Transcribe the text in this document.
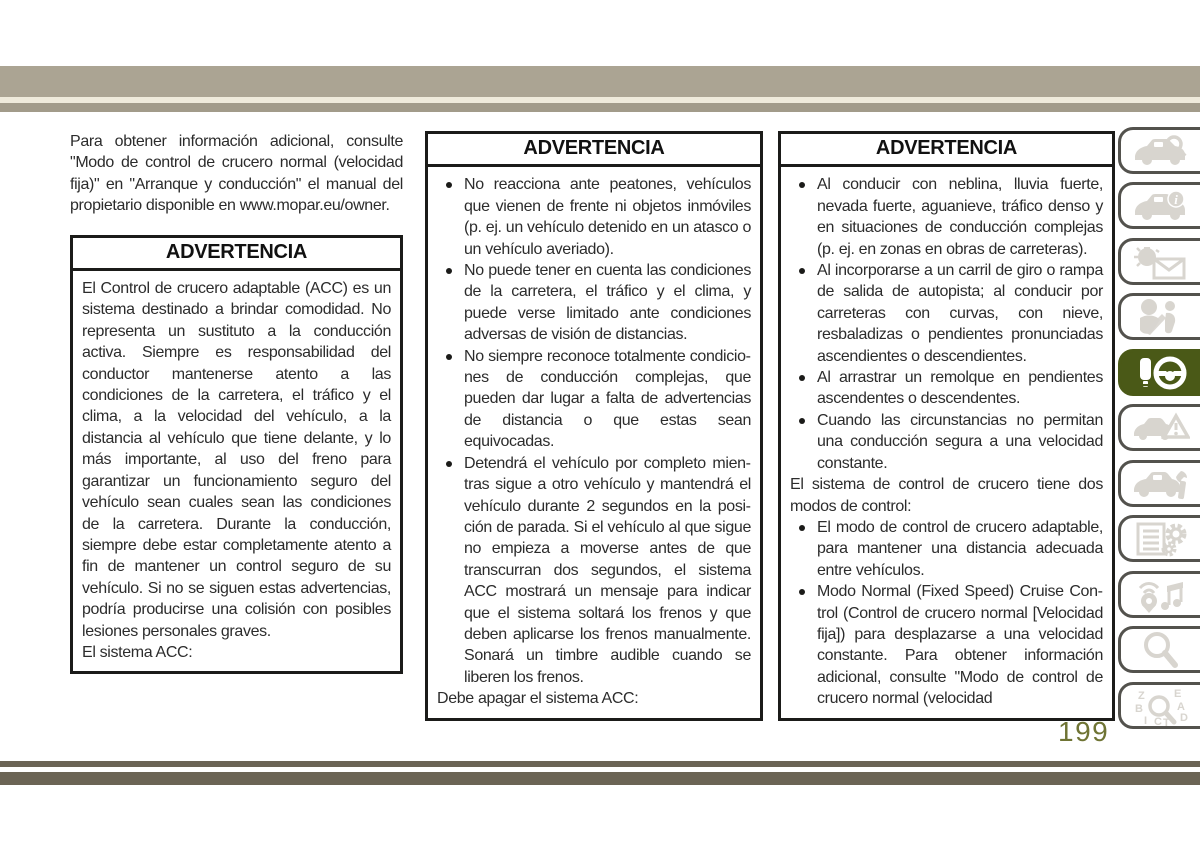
Para obtener información adicional, consulte "Modo de control de crucero normal (velocidad fija)" en "Arranque y conducción" el manual del propietario disponible en www.mopar.eu/owner.

ADVERTENCIA

El Control de crucero adaptable (ACC) es un sistema destinado a brindar comodidad. No representa un sustituto a la conducción activa. Siempre es responsabilidad del conductor mantenerse atento a las condiciones de la carretera, el tráfico y el clima, a la velocidad del vehículo, a la distancia al vehículo que tiene delante, y lo más importante, al uso del freno para garantizar un funcionamiento seguro del vehículo sean cuales sean las condiciones de la carretera. Durante la conducción, siempre debe estar completamente atento a fin de mantener un control seguro de su vehículo. Si no se siguen estas advertencias, podría producirse una colisión con posibles lesiones personales graves.

El sistema ACC:

ADVERTENCIA
No reacciona ante peatones, vehículos que vienen de frente ni objetos inmóviles (p. ej. un vehículo detenido en un atasco o un vehículo averiado).
No puede tener en cuenta las condiciones de la carretera, el tráfico y el clima, y puede verse limitado ante condiciones adversas de visión de distancias.
No siempre reconoce totalmente condiciones de conducción complejas, que pueden dar lugar a falta de advertencias de distancia o que estas sean equivocadas.
Detendrá el vehículo por completo mientras sigue a otro vehículo y mantendrá el vehículo durante 2 segundos en la posición de parada. Si el vehículo al que sigue no empieza a moverse antes de que transcurran dos segundos, el sistema ACC mostrará un mensaje para indicar que el sistema soltará los frenos y que deben aplicarse los frenos manualmente. Sonará un timbre audible cuando se liberen los frenos.

Debe apagar el sistema ACC:

ADVERTENCIA
Al conducir con neblina, lluvia fuerte, nevada fuerte, aguanieve, tráfico denso y en situaciones de conducción complejas (p. ej. en zonas en obras de carreteras).
Al incorporarse a un carril de giro o rampa de salida de autopista; al conducir por carreteras con curvas, con nieve, resbaladizas o pendientes pronunciadas ascendientes o descendientes.
Al arrastrar un remolque en pendientes ascendentes o descendentes.
Cuando las circunstancias no permitan una conducción segura a una velocidad constante.

El sistema de control de crucero tiene dos modos de control:

El modo de control de crucero adaptable, para mantener una distancia adecuada entre vehículos.
Modo Normal (Fixed Speed) Cruise Control (Control de crucero normal [Velocidad fija]) para desplazarse a una velocidad constante. Para obtener información adicional, consulte "Modo de control de crucero normal (velocidad
i
Z	E
B	A
I C T D
199
